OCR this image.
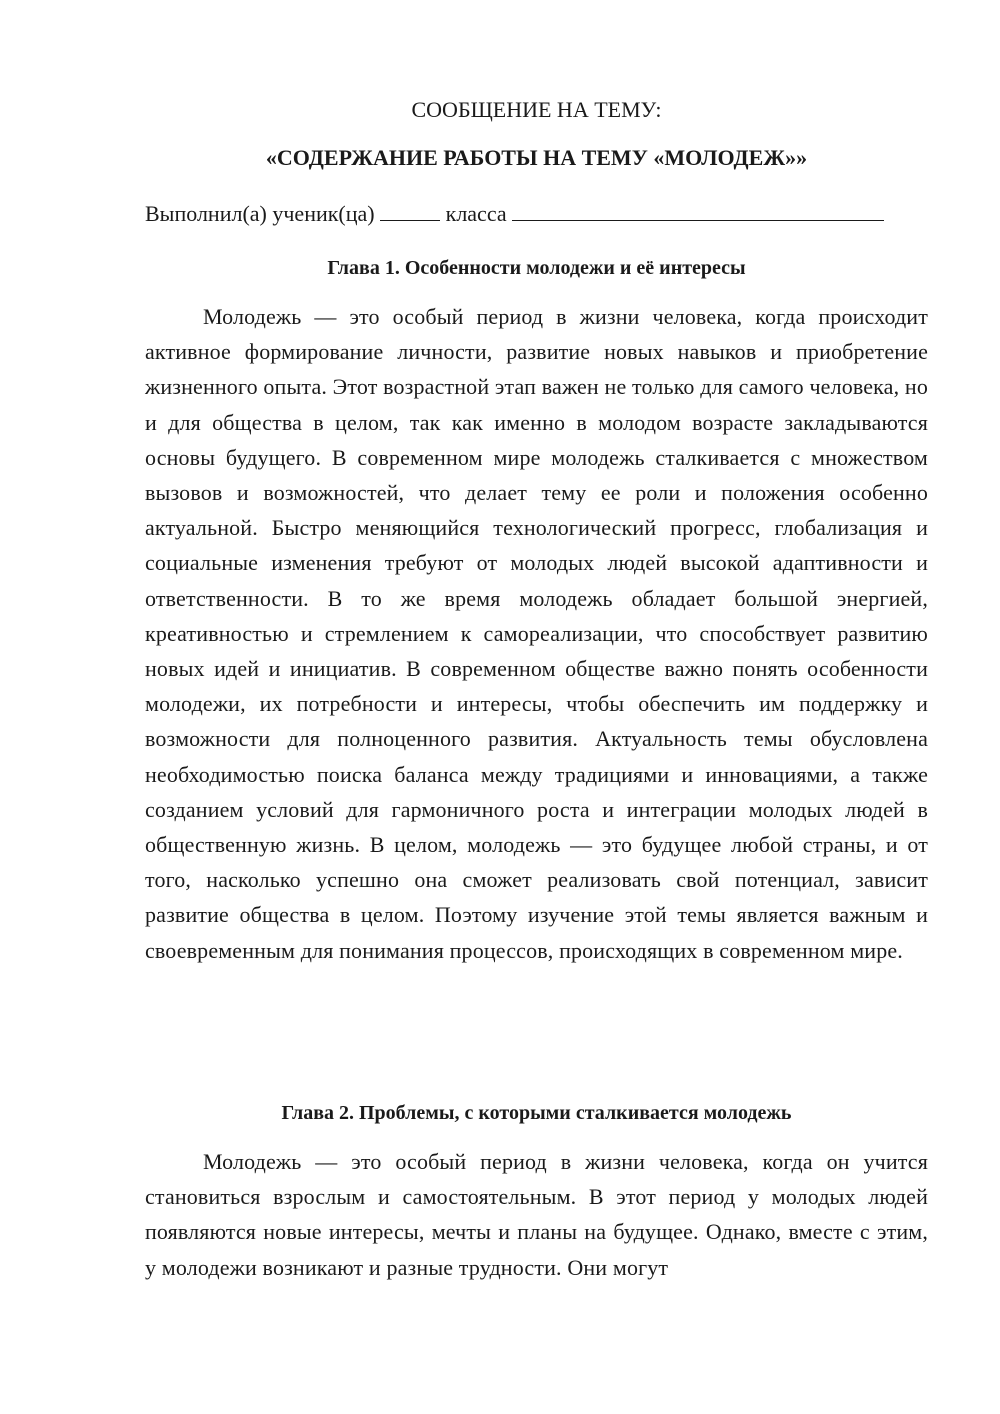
СООБЩЕНИЕ НА ТЕМУ:

«СОДЕРЖАНИЕ РАБОТЫ НА ТЕМУ «МОЛОДЕЖ»»

Выполнил(а) ученик(ца)	класса
Глава 1. Особенности молодежи и её интересы

Молодежь — это особый период в жизни человека, когда происходит активное формирование личности, развитие новых навыков и приобретение жизненного опыта. Этот возрастной этап важен не только для самого человека, но и для общества в целом, так как именно в молодом возрасте закладываются основы будущего. В современном мире молодежь сталкивается с множеством вызовов и возможностей, что делает тему ее роли и положения особенно актуальной. Быстро меняющийся технологический прогресс, глобализация и социальные изменения требуют от молодых людей высокой адаптивности и ответственности. В то же время молодежь обладает большой энергией, креативностью и стремлением к самореализации, что способствует развитию новых идей и инициатив. В современном обществе важно понять особенности молодежи, их потребности и интересы, чтобы обеспечить им поддержку и возможности для полноценного развития. Актуальность темы обусловлена необходимостью поиска баланса между традициями и инновациями, а также созданием условий для гармоничного роста и интеграции молодых людей в общественную жизнь. В целом, молодежь — это будущее любой страны, и от того, насколько успешно она сможет реализовать свой потенциал, зависит развитие общества в целом. Поэтому изучение этой темы является важным и своевременным для понимания процессов, происходящих в современном мире.

Глава 2. Проблемы, с которыми сталкивается молодежь

Молодежь — это особый период в жизни человека, когда он учится становиться взрослым и самостоятельным. В этот период у молодых людей появляются новые интересы, мечты и планы на будущее. Однако, вместе с этим, у молодежи возникают и разные трудности. Они могут
